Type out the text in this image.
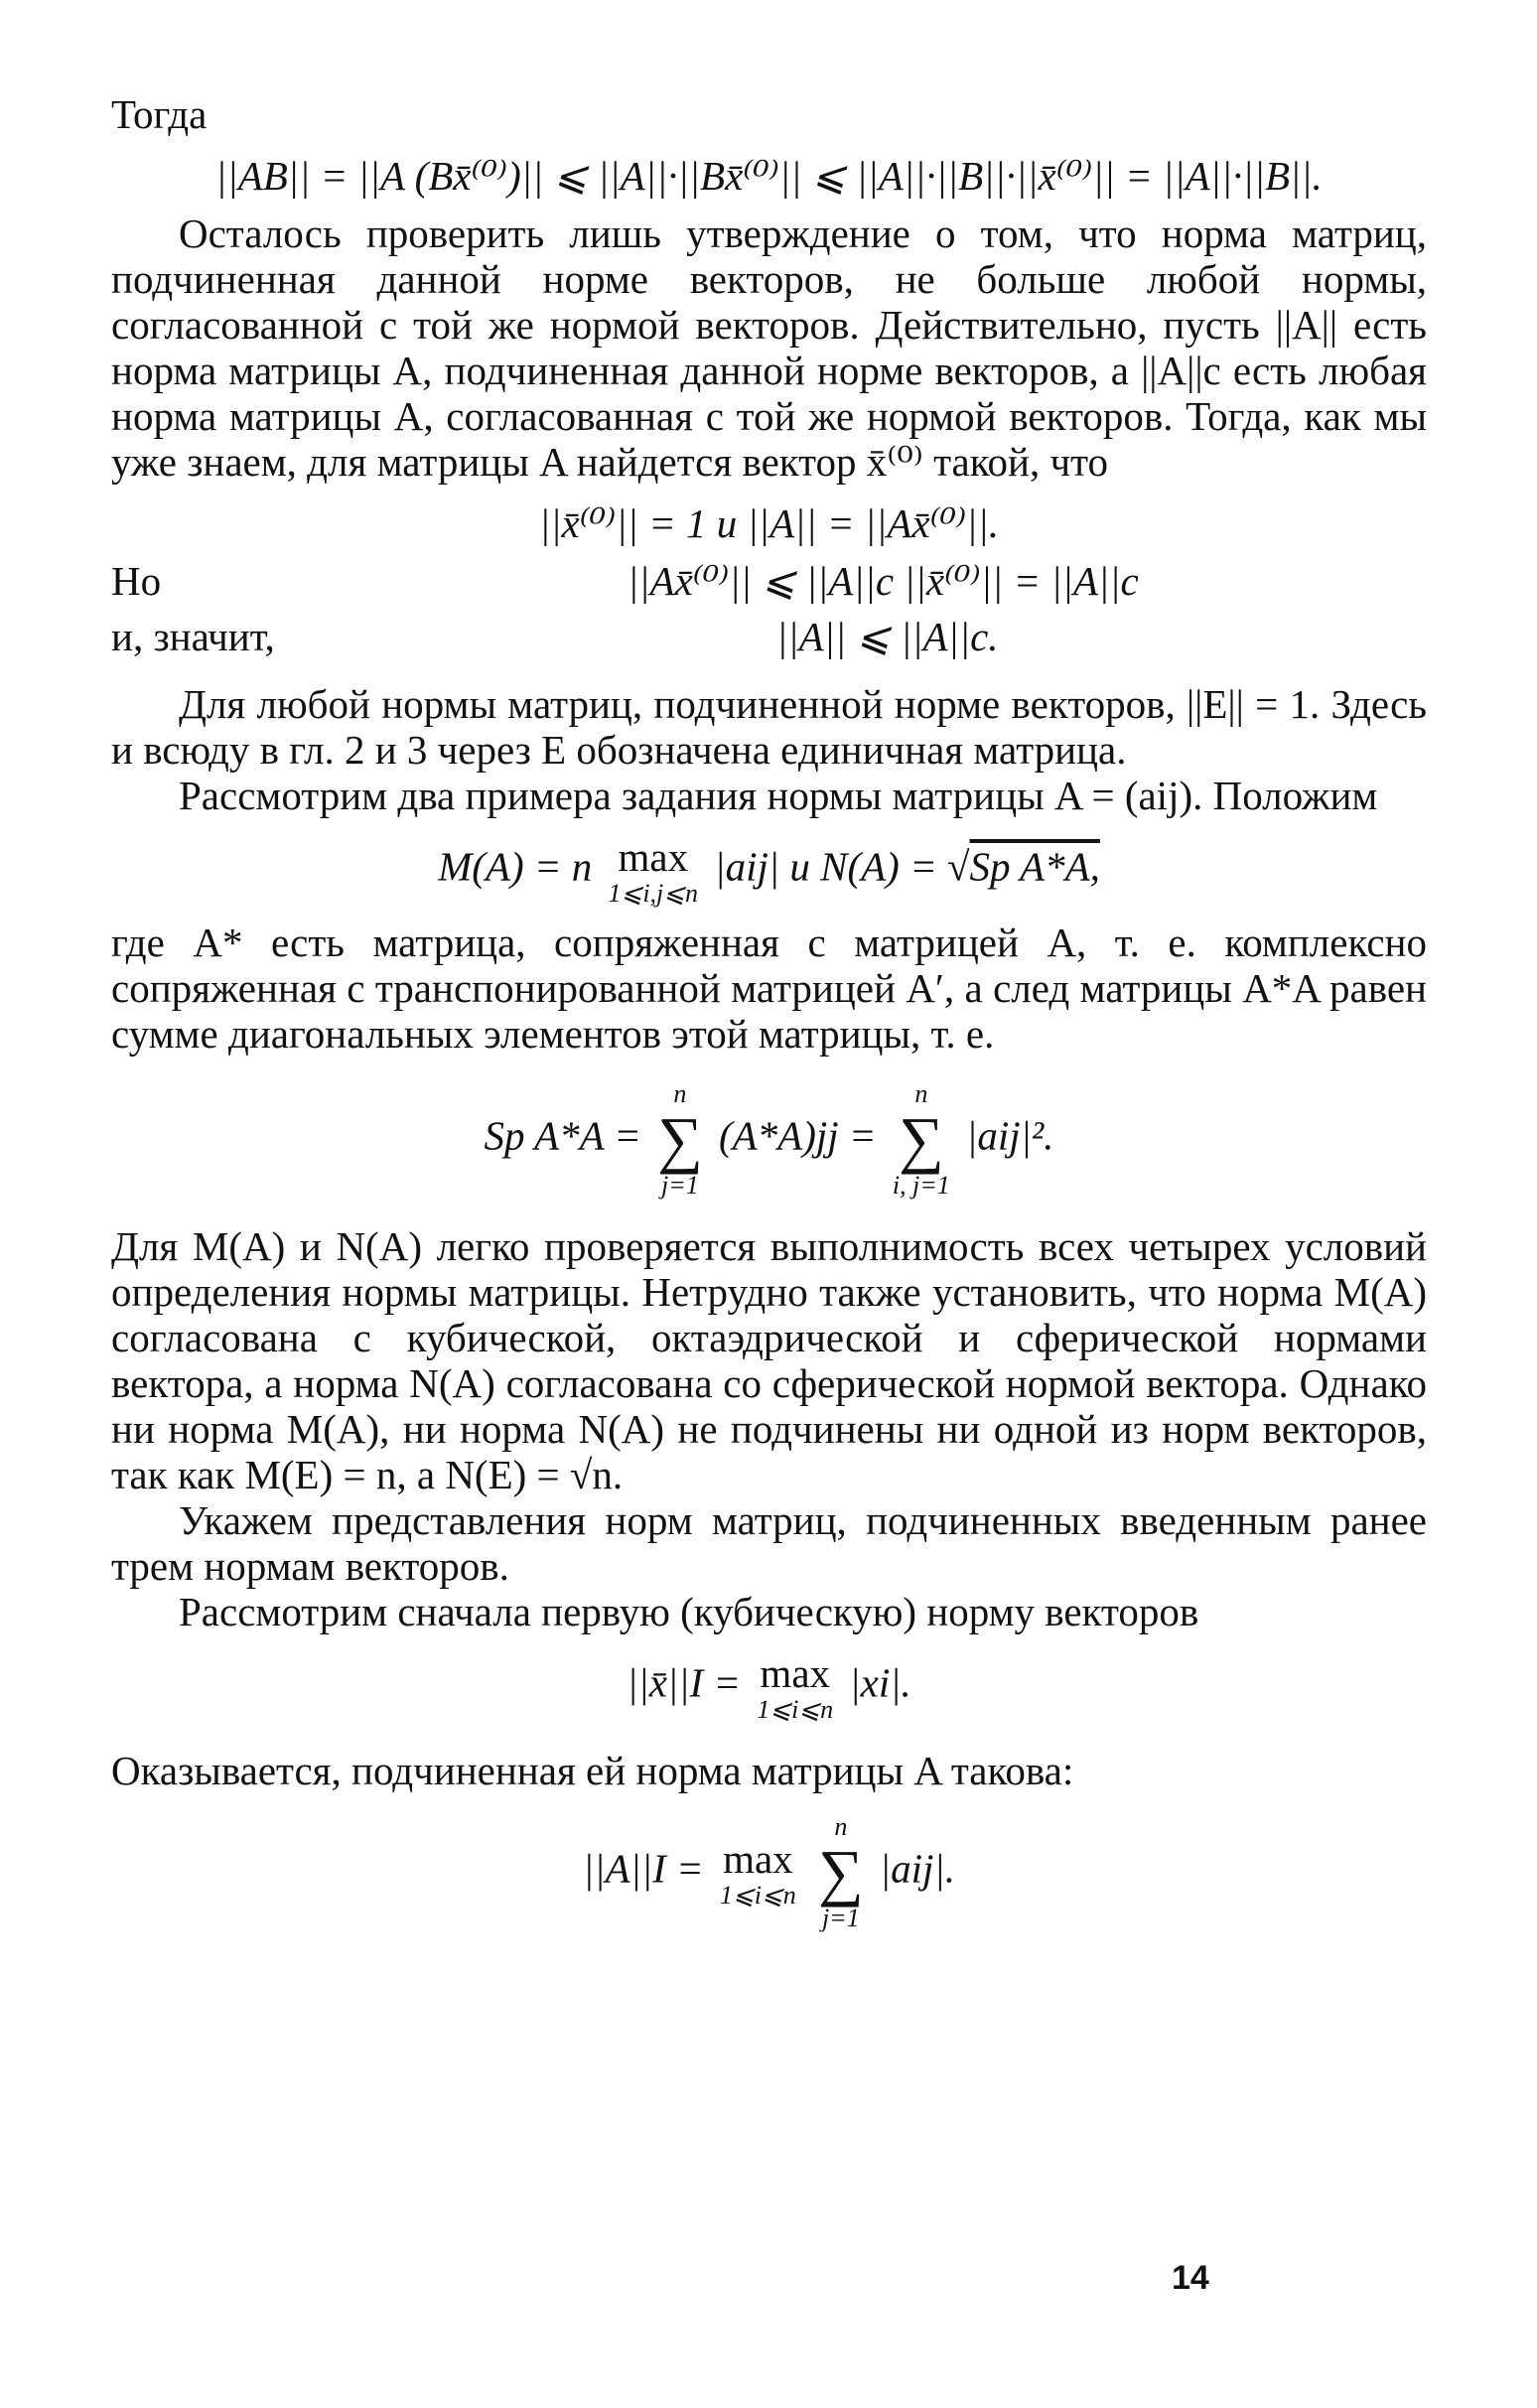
Тогда

||AB|| = ||A (Bx̄⁽⁰⁾)|| ⩽ ||A||·||Bx̄⁽⁰⁾|| ⩽ ||A||·||B||·||x̄⁽⁰⁾|| = ||A||·||B||.

Осталось проверить лишь утверждение о том, что норма матриц, подчиненная данной норме векторов, не больше любой нормы, согласованной с той же нормой векторов. Действительно, пусть ||A|| есть норма матрицы A, подчиненная данной норме векторов, а ||A||c есть любая норма матрицы A, согласованная с той же нормой векторов. Тогда, как мы уже знаем, для матрицы A найдется вектор x̄⁽⁰⁾ такой, что

||x̄⁽⁰⁾|| = 1 и ||A|| = ||Ax̄⁽⁰⁾||.
Но	||Ax̄⁽⁰⁾|| ⩽ ||A||c ||x̄⁽⁰⁾|| = ||A||c
и, значит,	||A|| ⩽ ||A||c.

Для любой нормы матриц, подчиненной норме векторов, ||E|| = 1. Здесь и всюду в гл. 2 и 3 через E обозначена единичная матрица.

Рассмотрим два примера задания нормы матрицы A = (aij). Положим

M(A) = n max
1⩽i,j⩽n
|aij| и N(A) = √Sp A*A,

где A* есть матрица, сопряженная с матрицей A, т. е. комплексно сопряженная с транспонированной матрицей A′, а след матрицы A*A равен сумме диагональных элементов этой матрицы, т. е.

Sp A*A =
n
∑
j=1
(A*A)jj =
n
∑
i, j=1
|aij|².

Для M(A) и N(A) легко проверяется выполнимость всех четырех условий определения нормы матрицы. Нетрудно также установить, что норма M(A) согласована с кубической, октаэдрической и сферической нормами вектора, а норма N(A) согласована со сферической нормой вектора. Однако ни норма M(A), ни норма N(A) не подчинены ни одной из норм векторов, так как M(E) = n, а N(E) = √n.

Укажем представления норм матриц, подчиненных введенным ранее трем нормам векторов.

Рассмотрим сначала первую (кубическую) норму векторов

||x̄||I = max
1⩽i⩽n
|xi|.

Оказывается, подчиненная ей норма матрицы A такова:

||A||I = max
1⩽i⩽n

n
∑
j=1
|aij|.
14
